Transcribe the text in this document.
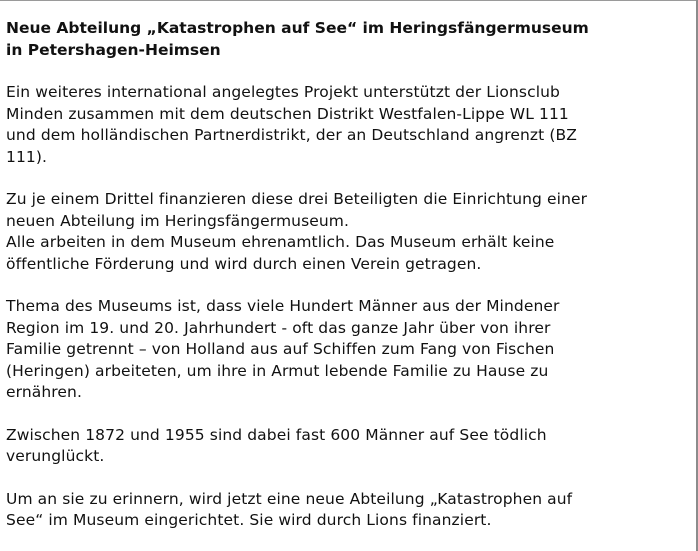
Neue Abteilung „Katastrophen auf See“ im Heringsfängermuseum
in Petershagen-Heimsen

Ein weiteres international angelegtes Projekt unterstützt der Lionsclub
Minden zusammen mit dem deutschen Distrikt Westfalen-Lippe WL 111
und dem holländischen Partnerdistrikt, der an Deutschland angrenzt (BZ
111).

Zu je einem Drittel finanzieren diese drei Beteiligten die Einrichtung einer
neuen Abteilung im Heringsfängermuseum.
Alle arbeiten in dem Museum ehrenamtlich. Das Museum erhält keine
öffentliche Förderung und wird durch einen Verein getragen.

Thema des Museums ist, dass viele Hundert Männer aus der Mindener
Region im 19. und 20. Jahrhundert - oft das ganze Jahr über von ihrer
Familie getrennt – von Holland aus auf Schiffen zum Fang von Fischen
(Heringen) arbeiteten, um ihre in Armut lebende Familie zu Hause zu
ernähren.

Zwischen 1872 und 1955 sind dabei fast 600 Männer auf See tödlich
verunglückt.

Um an sie zu erinnern, wird jetzt eine neue Abteilung „Katastrophen auf
See“ im Museum eingerichtet. Sie wird durch Lions finanziert.
